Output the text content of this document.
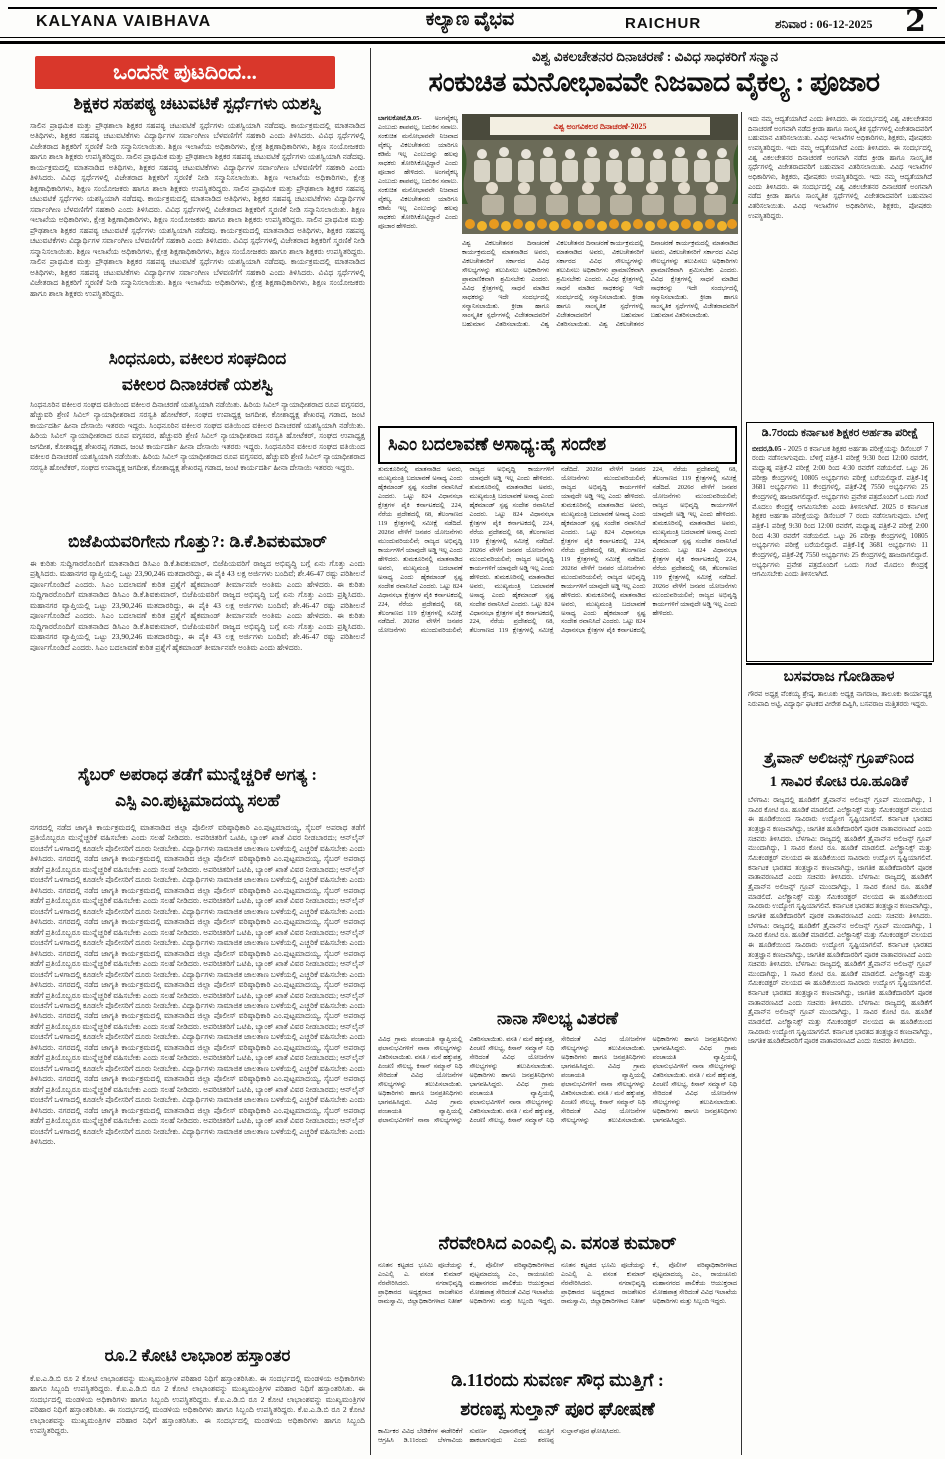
KALYANA VAIBHAVA	ಕಲ್ಯಾಣ ವೈಭವ	RAICHUR	ಶನಿವಾರ : 06-12-2025 2
ಒಂದನೇ ಪುಟದಿಂದ...
ಶಿಕ್ಷಕರ ಸಹಪಠ್ಯ ಚಟುವಟಿಕೆ ಸ್ಪರ್ಧೆಗಳು ಯಶಸ್ವಿ
ಸಾಲಿನ ಪ್ರಾಥಮಿಕ ಮತ್ತು ಪ್ರೌಢಶಾಲಾ ಶಿಕ್ಷಕರ ಸಹಪಠ್ಯ ಚಟುವಟಿಕೆ ಸ್ಪರ್ಧೆಗಳು ಯಶಸ್ವಿಯಾಗಿ ನಡೆದವು. ಕಾರ್ಯಕ್ರಮದಲ್ಲಿ ಮಾತನಾಡಿದ ಅತಿಥಿಗಳು, ಶಿಕ್ಷಕರ ಸಹಪಠ್ಯ ಚಟುವಟಿಕೆಗಳು ವಿದ್ಯಾರ್ಥಿಗಳ ಸರ್ವಾಂಗೀಣ ಬೆಳವಣಿಗೆಗೆ ಸಹಕಾರಿ ಎಂದು ತಿಳಿಸಿದರು. ವಿವಿಧ ಸ್ಪರ್ಧೆಗಳಲ್ಲಿ ವಿಜೇತರಾದ ಶಿಕ್ಷಕರಿಗೆ ಸ್ಮರಣಿಕೆ ನೀಡಿ ಸನ್ಮಾನಿಸಲಾಯಿತು. ಶಿಕ್ಷಣ ಇಲಾಖೆಯ ಅಧಿಕಾರಿಗಳು, ಕ್ಷೇತ್ರ ಶಿಕ್ಷಣಾಧಿಕಾರಿಗಳು, ಶಿಕ್ಷಣ ಸಂಯೋಜಕರು ಹಾಗೂ ಶಾಲಾ ಶಿಕ್ಷಕರು ಉಪಸ್ಥಿತರಿದ್ದರು. ಸಾಲಿನ ಪ್ರಾಥಮಿಕ ಮತ್ತು ಪ್ರೌಢಶಾಲಾ ಶಿಕ್ಷಕರ ಸಹಪಠ್ಯ ಚಟುವಟಿಕೆ ಸ್ಪರ್ಧೆಗಳು ಯಶಸ್ವಿಯಾಗಿ ನಡೆದವು. ಕಾರ್ಯಕ್ರಮದಲ್ಲಿ ಮಾತನಾಡಿದ ಅತಿಥಿಗಳು, ಶಿಕ್ಷಕರ ಸಹಪಠ್ಯ ಚಟುವಟಿಕೆಗಳು ವಿದ್ಯಾರ್ಥಿಗಳ ಸರ್ವಾಂಗೀಣ ಬೆಳವಣಿಗೆಗೆ ಸಹಕಾರಿ ಎಂದು ತಿಳಿಸಿದರು. ವಿವಿಧ ಸ್ಪರ್ಧೆಗಳಲ್ಲಿ ವಿಜೇತರಾದ ಶಿಕ್ಷಕರಿಗೆ ಸ್ಮರಣಿಕೆ ನೀಡಿ ಸನ್ಮಾನಿಸಲಾಯಿತು. ಶಿಕ್ಷಣ ಇಲಾಖೆಯ ಅಧಿಕಾರಿಗಳು, ಕ್ಷೇತ್ರ ಶಿಕ್ಷಣಾಧಿಕಾರಿಗಳು, ಶಿಕ್ಷಣ ಸಂಯೋಜಕರು ಹಾಗೂ ಶಾಲಾ ಶಿಕ್ಷಕರು ಉಪಸ್ಥಿತರಿದ್ದರು. ಸಾಲಿನ ಪ್ರಾಥಮಿಕ ಮತ್ತು ಪ್ರೌಢಶಾಲಾ ಶಿಕ್ಷಕರ ಸಹಪಠ್ಯ ಚಟುವಟಿಕೆ ಸ್ಪರ್ಧೆಗಳು ಯಶಸ್ವಿಯಾಗಿ ನಡೆದವು. ಕಾರ್ಯಕ್ರಮದಲ್ಲಿ ಮಾತನಾಡಿದ ಅತಿಥಿಗಳು, ಶಿಕ್ಷಕರ ಸಹಪಠ್ಯ ಚಟುವಟಿಕೆಗಳು ವಿದ್ಯಾರ್ಥಿಗಳ ಸರ್ವಾಂಗೀಣ ಬೆಳವಣಿಗೆಗೆ ಸಹಕಾರಿ ಎಂದು ತಿಳಿಸಿದರು. ವಿವಿಧ ಸ್ಪರ್ಧೆಗಳಲ್ಲಿ ವಿಜೇತರಾದ ಶಿಕ್ಷಕರಿಗೆ ಸ್ಮರಣಿಕೆ ನೀಡಿ ಸನ್ಮಾನಿಸಲಾಯಿತು. ಶಿಕ್ಷಣ ಇಲಾಖೆಯ ಅಧಿಕಾರಿಗಳು, ಕ್ಷೇತ್ರ ಶಿಕ್ಷಣಾಧಿಕಾರಿಗಳು, ಶಿಕ್ಷಣ ಸಂಯೋಜಕರು ಹಾಗೂ ಶಾಲಾ ಶಿಕ್ಷಕರು ಉಪಸ್ಥಿತರಿದ್ದರು. ಸಾಲಿನ ಪ್ರಾಥಮಿಕ ಮತ್ತು ಪ್ರೌಢಶಾಲಾ ಶಿಕ್ಷಕರ ಸಹಪಠ್ಯ ಚಟುವಟಿಕೆ ಸ್ಪರ್ಧೆಗಳು ಯಶಸ್ವಿಯಾಗಿ ನಡೆದವು. ಕಾರ್ಯಕ್ರಮದಲ್ಲಿ ಮಾತನಾಡಿದ ಅತಿಥಿಗಳು, ಶಿಕ್ಷಕರ ಸಹಪಠ್ಯ ಚಟುವಟಿಕೆಗಳು ವಿದ್ಯಾರ್ಥಿಗಳ ಸರ್ವಾಂಗೀಣ ಬೆಳವಣಿಗೆಗೆ ಸಹಕಾರಿ ಎಂದು ತಿಳಿಸಿದರು. ವಿವಿಧ ಸ್ಪರ್ಧೆಗಳಲ್ಲಿ ವಿಜೇತರಾದ ಶಿಕ್ಷಕರಿಗೆ ಸ್ಮರಣಿಕೆ ನೀಡಿ ಸನ್ಮಾನಿಸಲಾಯಿತು. ಶಿಕ್ಷಣ ಇಲಾಖೆಯ ಅಧಿಕಾರಿಗಳು, ಕ್ಷೇತ್ರ ಶಿಕ್ಷಣಾಧಿಕಾರಿಗಳು, ಶಿಕ್ಷಣ ಸಂಯೋಜಕರು ಹಾಗೂ ಶಾಲಾ ಶಿಕ್ಷಕರು ಉಪಸ್ಥಿತರಿದ್ದರು. ಸಾಲಿನ ಪ್ರಾಥಮಿಕ ಮತ್ತು ಪ್ರೌಢಶಾಲಾ ಶಿಕ್ಷಕರ ಸಹಪಠ್ಯ ಚಟುವಟಿಕೆ ಸ್ಪರ್ಧೆಗಳು ಯಶಸ್ವಿಯಾಗಿ ನಡೆದವು. ಕಾರ್ಯಕ್ರಮದಲ್ಲಿ ಮಾತನಾಡಿದ ಅತಿಥಿಗಳು, ಶಿಕ್ಷಕರ ಸಹಪಠ್ಯ ಚಟುವಟಿಕೆಗಳು ವಿದ್ಯಾರ್ಥಿಗಳ ಸರ್ವಾಂಗೀಣ ಬೆಳವಣಿಗೆಗೆ ಸಹಕಾರಿ ಎಂದು ತಿಳಿಸಿದರು. ವಿವಿಧ ಸ್ಪರ್ಧೆಗಳಲ್ಲಿ ವಿಜೇತರಾದ ಶಿಕ್ಷಕರಿಗೆ ಸ್ಮರಣಿಕೆ ನೀಡಿ ಸನ್ಮಾನಿಸಲಾಯಿತು. ಶಿಕ್ಷಣ ಇಲಾಖೆಯ ಅಧಿಕಾರಿಗಳು, ಕ್ಷೇತ್ರ ಶಿಕ್ಷಣಾಧಿಕಾರಿಗಳು, ಶಿಕ್ಷಣ ಸಂಯೋಜಕರು ಹಾಗೂ ಶಾಲಾ ಶಿಕ್ಷಕರು ಉಪಸ್ಥಿತರಿದ್ದರು.
ಸಿಂಧನೂರು, ವಕೀಲರ ಸಂಘದಿಂದ
ವಕೀಲರ ದಿನಾಚರಣೆ ಯಶಸ್ವಿ
ಸಿಂಧನೂರಿನ ವಕೀಲರ ಸಂಘದ ವತಿಯಿಂದ ವಕೀಲರ ದಿನಾಚರಣೆ ಯಶಸ್ವಿಯಾಗಿ ನಡೆಯಿತು. ಹಿರಿಯ ಸಿವಿಲ್ ನ್ಯಾಯಾಧೀಶರಾದ ರೂಪ ವಗ್ಗಸವರ, ಹೆಚ್ಚುವರಿ ಶ್ರೇಣಿ ಸಿವಿಲ್ ನ್ಯಾಯಾಧೀಶರಾದ ಸರಸ್ವತಿ ಹೋಟೆಕರ್, ಸಂಘದ ಉಪಾಧ್ಯಕ್ಷ ಜಗದೀಶ, ಕೋಶಾಧ್ಯಕ್ಷ ಶೇಖರಪ್ಪ ಗಡಾದ, ಜಂಟಿ ಕಾರ್ಯದರ್ಶಿ ಹೀನಾ ದೇಸಾಯಿ ಇತರರು ಇದ್ದರು. ಸಿಂಧನೂರಿನ ವಕೀಲರ ಸಂಘದ ವತಿಯಿಂದ ವಕೀಲರ ದಿನಾಚರಣೆ ಯಶಸ್ವಿಯಾಗಿ ನಡೆಯಿತು. ಹಿರಿಯ ಸಿವಿಲ್ ನ್ಯಾಯಾಧೀಶರಾದ ರೂಪ ವಗ್ಗಸವರ, ಹೆಚ್ಚುವರಿ ಶ್ರೇಣಿ ಸಿವಿಲ್ ನ್ಯಾಯಾಧೀಶರಾದ ಸರಸ್ವತಿ ಹೋಟೆಕರ್, ಸಂಘದ ಉಪಾಧ್ಯಕ್ಷ ಜಗದೀಶ, ಕೋಶಾಧ್ಯಕ್ಷ ಶೇಖರಪ್ಪ ಗಡಾದ, ಜಂಟಿ ಕಾರ್ಯದರ್ಶಿ ಹೀನಾ ದೇಸಾಯಿ ಇತರರು ಇದ್ದರು. ಸಿಂಧನೂರಿನ ವಕೀಲರ ಸಂಘದ ವತಿಯಿಂದ ವಕೀಲರ ದಿನಾಚರಣೆ ಯಶಸ್ವಿಯಾಗಿ ನಡೆಯಿತು. ಹಿರಿಯ ಸಿವಿಲ್ ನ್ಯಾಯಾಧೀಶರಾದ ರೂಪ ವಗ್ಗಸವರ, ಹೆಚ್ಚುವರಿ ಶ್ರೇಣಿ ಸಿವಿಲ್ ನ್ಯಾಯಾಧೀಶರಾದ ಸರಸ್ವತಿ ಹೋಟೆಕರ್, ಸಂಘದ ಉಪಾಧ್ಯಕ್ಷ ಜಗದೀಶ, ಕೋಶಾಧ್ಯಕ್ಷ ಶೇಖರಪ್ಪ ಗಡಾದ, ಜಂಟಿ ಕಾರ್ಯದರ್ಶಿ ಹೀನಾ ದೇಸಾಯಿ ಇತರರು ಇದ್ದರು.
ಬಿಜೆಪಿಯವರಿಗೇನು ಗೊತ್ತು?: ಡಿ.ಕೆ.ಶಿವಕುಮಾರ್
ಈ ಕುರಿತು ಸುದ್ದಿಗಾರರೊಂದಿಗೆ ಮಾತನಾಡಿದ ಡಿಸಿಎಂ ಡಿ.ಕೆ.ಶಿವಕುಮಾರ್, ಬಿಜೆಪಿಯವರಿಗೆ ರಾಜ್ಯದ ಅಭಿವೃದ್ಧಿ ಬಗ್ಗೆ ಏನು ಗೊತ್ತು ಎಂದು ಪ್ರಶ್ನಿಸಿದರು. ಮಹಾನಗರ ವ್ಯಾಪ್ತಿಯಲ್ಲಿ ಒಟ್ಟು 23,90,246 ಮತದಾರರಿದ್ದು, ಈ ಪೈಕಿ 43 ಲಕ್ಷ ಅರ್ಜಿಗಳು ಬಂದಿವೆ; ಶೇ.46-47 ರಷ್ಟು ಪರಿಶೀಲನೆ ಪೂರ್ಣಗೊಂಡಿದೆ ಎಂದರು. ಸಿಎಂ ಬದಲಾವಣೆ ಕುರಿತ ಪ್ರಶ್ನೆಗೆ ಹೈಕಮಾಂಡ್ ತೀರ್ಮಾನವೇ ಅಂತಿಮ ಎಂದು ಹೇಳಿದರು. ಈ ಕುರಿತು ಸುದ್ದಿಗಾರರೊಂದಿಗೆ ಮಾತನಾಡಿದ ಡಿಸಿಎಂ ಡಿ.ಕೆ.ಶಿವಕುಮಾರ್, ಬಿಜೆಪಿಯವರಿಗೆ ರಾಜ್ಯದ ಅಭಿವೃದ್ಧಿ ಬಗ್ಗೆ ಏನು ಗೊತ್ತು ಎಂದು ಪ್ರಶ್ನಿಸಿದರು. ಮಹಾನಗರ ವ್ಯಾಪ್ತಿಯಲ್ಲಿ ಒಟ್ಟು 23,90,246 ಮತದಾರರಿದ್ದು, ಈ ಪೈಕಿ 43 ಲಕ್ಷ ಅರ್ಜಿಗಳು ಬಂದಿವೆ; ಶೇ.46-47 ರಷ್ಟು ಪರಿಶೀಲನೆ ಪೂರ್ಣಗೊಂಡಿದೆ ಎಂದರು. ಸಿಎಂ ಬದಲಾವಣೆ ಕುರಿತ ಪ್ರಶ್ನೆಗೆ ಹೈಕಮಾಂಡ್ ತೀರ್ಮಾನವೇ ಅಂತಿಮ ಎಂದು ಹೇಳಿದರು. ಈ ಕುರಿತು ಸುದ್ದಿಗಾರರೊಂದಿಗೆ ಮಾತನಾಡಿದ ಡಿಸಿಎಂ ಡಿ.ಕೆ.ಶಿವಕುಮಾರ್, ಬಿಜೆಪಿಯವರಿಗೆ ರಾಜ್ಯದ ಅಭಿವೃದ್ಧಿ ಬಗ್ಗೆ ಏನು ಗೊತ್ತು ಎಂದು ಪ್ರಶ್ನಿಸಿದರು. ಮಹಾನಗರ ವ್ಯಾಪ್ತಿಯಲ್ಲಿ ಒಟ್ಟು 23,90,246 ಮತದಾರರಿದ್ದು, ಈ ಪೈಕಿ 43 ಲಕ್ಷ ಅರ್ಜಿಗಳು ಬಂದಿವೆ; ಶೇ.46-47 ರಷ್ಟು ಪರಿಶೀಲನೆ ಪೂರ್ಣಗೊಂಡಿದೆ ಎಂದರು. ಸಿಎಂ ಬದಲಾವಣೆ ಕುರಿತ ಪ್ರಶ್ನೆಗೆ ಹೈಕಮಾಂಡ್ ತೀರ್ಮಾನವೇ ಅಂತಿಮ ಎಂದು ಹೇಳಿದರು.
ಸೈಬರ್ ಅಪರಾಧ ತಡೆಗೆ ಮುನ್ನೆಚ್ಚರಿಕೆ ಅಗತ್ಯ :
ಎಸ್ಪಿ ಎಂ.ಪುಟ್ಟಮಾದಯ್ಯ ಸಲಹೆ
ನಗರದಲ್ಲಿ ನಡೆದ ಜಾಗೃತಿ ಕಾರ್ಯಕ್ರಮದಲ್ಲಿ ಮಾತನಾಡಿದ ಜಿಲ್ಲಾ ಪೊಲೀಸ್ ವರಿಷ್ಠಾಧಿಕಾರಿ ಎಂ.ಪುಟ್ಟಮಾದಯ್ಯ, ಸೈಬರ್ ಅಪರಾಧ ತಡೆಗೆ ಪ್ರತಿಯೊಬ್ಬರೂ ಮುನ್ನೆಚ್ಚರಿಕೆ ವಹಿಸಬೇಕು ಎಂದು ಸಲಹೆ ನೀಡಿದರು. ಅಪರಿಚಿತರಿಗೆ ಒಟಿಪಿ, ಬ್ಯಾಂಕ್ ಖಾತೆ ವಿವರ ನೀಡಬಾರದು; ಆನ್‌ಲೈನ್ ವಂಚನೆಗೆ ಒಳಗಾದಲ್ಲಿ ಕೂಡಲೇ ಪೊಲೀಸರಿಗೆ ದೂರು ನೀಡಬೇಕು. ವಿದ್ಯಾರ್ಥಿಗಳು ಸಾಮಾಜಿಕ ಜಾಲತಾಣ ಬಳಕೆಯಲ್ಲಿ ಎಚ್ಚರಿಕೆ ವಹಿಸಬೇಕು ಎಂದು ತಿಳಿಸಿದರು. ನಗರದಲ್ಲಿ ನಡೆದ ಜಾಗೃತಿ ಕಾರ್ಯಕ್ರಮದಲ್ಲಿ ಮಾತನಾಡಿದ ಜಿಲ್ಲಾ ಪೊಲೀಸ್ ವರಿಷ್ಠಾಧಿಕಾರಿ ಎಂ.ಪುಟ್ಟಮಾದಯ್ಯ, ಸೈಬರ್ ಅಪರಾಧ ತಡೆಗೆ ಪ್ರತಿಯೊಬ್ಬರೂ ಮುನ್ನೆಚ್ಚರಿಕೆ ವಹಿಸಬೇಕು ಎಂದು ಸಲಹೆ ನೀಡಿದರು. ಅಪರಿಚಿತರಿಗೆ ಒಟಿಪಿ, ಬ್ಯಾಂಕ್ ಖಾತೆ ವಿವರ ನೀಡಬಾರದು; ಆನ್‌ಲೈನ್ ವಂಚನೆಗೆ ಒಳಗಾದಲ್ಲಿ ಕೂಡಲೇ ಪೊಲೀಸರಿಗೆ ದೂರು ನೀಡಬೇಕು. ವಿದ್ಯಾರ್ಥಿಗಳು ಸಾಮಾಜಿಕ ಜಾಲತಾಣ ಬಳಕೆಯಲ್ಲಿ ಎಚ್ಚರಿಕೆ ವಹಿಸಬೇಕು ಎಂದು ತಿಳಿಸಿದರು. ನಗರದಲ್ಲಿ ನಡೆದ ಜಾಗೃತಿ ಕಾರ್ಯಕ್ರಮದಲ್ಲಿ ಮಾತನಾಡಿದ ಜಿಲ್ಲಾ ಪೊಲೀಸ್ ವರಿಷ್ಠಾಧಿಕಾರಿ ಎಂ.ಪುಟ್ಟಮಾದಯ್ಯ, ಸೈಬರ್ ಅಪರಾಧ ತಡೆಗೆ ಪ್ರತಿಯೊಬ್ಬರೂ ಮುನ್ನೆಚ್ಚರಿಕೆ ವಹಿಸಬೇಕು ಎಂದು ಸಲಹೆ ನೀಡಿದರು. ಅಪರಿಚಿತರಿಗೆ ಒಟಿಪಿ, ಬ್ಯಾಂಕ್ ಖಾತೆ ವಿವರ ನೀಡಬಾರದು; ಆನ್‌ಲೈನ್ ವಂಚನೆಗೆ ಒಳಗಾದಲ್ಲಿ ಕೂಡಲೇ ಪೊಲೀಸರಿಗೆ ದೂರು ನೀಡಬೇಕು. ವಿದ್ಯಾರ್ಥಿಗಳು ಸಾಮಾಜಿಕ ಜಾಲತಾಣ ಬಳಕೆಯಲ್ಲಿ ಎಚ್ಚರಿಕೆ ವಹಿಸಬೇಕು ಎಂದು ತಿಳಿಸಿದರು. ನಗರದಲ್ಲಿ ನಡೆದ ಜಾಗೃತಿ ಕಾರ್ಯಕ್ರಮದಲ್ಲಿ ಮಾತನಾಡಿದ ಜಿಲ್ಲಾ ಪೊಲೀಸ್ ವರಿಷ್ಠಾಧಿಕಾರಿ ಎಂ.ಪುಟ್ಟಮಾದಯ್ಯ, ಸೈಬರ್ ಅಪರಾಧ ತಡೆಗೆ ಪ್ರತಿಯೊಬ್ಬರೂ ಮುನ್ನೆಚ್ಚರಿಕೆ ವಹಿಸಬೇಕು ಎಂದು ಸಲಹೆ ನೀಡಿದರು. ಅಪರಿಚಿತರಿಗೆ ಒಟಿಪಿ, ಬ್ಯಾಂಕ್ ಖಾತೆ ವಿವರ ನೀಡಬಾರದು; ಆನ್‌ಲೈನ್ ವಂಚನೆಗೆ ಒಳಗಾದಲ್ಲಿ ಕೂಡಲೇ ಪೊಲೀಸರಿಗೆ ದೂರು ನೀಡಬೇಕು. ವಿದ್ಯಾರ್ಥಿಗಳು ಸಾಮಾಜಿಕ ಜಾಲತಾಣ ಬಳಕೆಯಲ್ಲಿ ಎಚ್ಚರಿಕೆ ವಹಿಸಬೇಕು ಎಂದು ತಿಳಿಸಿದರು. ನಗರದಲ್ಲಿ ನಡೆದ ಜಾಗೃತಿ ಕಾರ್ಯಕ್ರಮದಲ್ಲಿ ಮಾತನಾಡಿದ ಜಿಲ್ಲಾ ಪೊಲೀಸ್ ವರಿಷ್ಠಾಧಿಕಾರಿ ಎಂ.ಪುಟ್ಟಮಾದಯ್ಯ, ಸೈಬರ್ ಅಪರಾಧ ತಡೆಗೆ ಪ್ರತಿಯೊಬ್ಬರೂ ಮುನ್ನೆಚ್ಚರಿಕೆ ವಹಿಸಬೇಕು ಎಂದು ಸಲಹೆ ನೀಡಿದರು. ಅಪರಿಚಿತರಿಗೆ ಒಟಿಪಿ, ಬ್ಯಾಂಕ್ ಖಾತೆ ವಿವರ ನೀಡಬಾರದು; ಆನ್‌ಲೈನ್ ವಂಚನೆಗೆ ಒಳಗಾದಲ್ಲಿ ಕೂಡಲೇ ಪೊಲೀಸರಿಗೆ ದೂರು ನೀಡಬೇಕು. ವಿದ್ಯಾರ್ಥಿಗಳು ಸಾಮಾಜಿಕ ಜಾಲತಾಣ ಬಳಕೆಯಲ್ಲಿ ಎಚ್ಚರಿಕೆ ವಹಿಸಬೇಕು ಎಂದು ತಿಳಿಸಿದರು. ನಗರದಲ್ಲಿ ನಡೆದ ಜಾಗೃತಿ ಕಾರ್ಯಕ್ರಮದಲ್ಲಿ ಮಾತನಾಡಿದ ಜಿಲ್ಲಾ ಪೊಲೀಸ್ ವರಿಷ್ಠಾಧಿಕಾರಿ ಎಂ.ಪುಟ್ಟಮಾದಯ್ಯ, ಸೈಬರ್ ಅಪರಾಧ ತಡೆಗೆ ಪ್ರತಿಯೊಬ್ಬರೂ ಮುನ್ನೆಚ್ಚರಿಕೆ ವಹಿಸಬೇಕು ಎಂದು ಸಲಹೆ ನೀಡಿದರು. ಅಪರಿಚಿತರಿಗೆ ಒಟಿಪಿ, ಬ್ಯಾಂಕ್ ಖಾತೆ ವಿವರ ನೀಡಬಾರದು; ಆನ್‌ಲೈನ್ ವಂಚನೆಗೆ ಒಳಗಾದಲ್ಲಿ ಕೂಡಲೇ ಪೊಲೀಸರಿಗೆ ದೂರು ನೀಡಬೇಕು. ವಿದ್ಯಾರ್ಥಿಗಳು ಸಾಮಾಜಿಕ ಜಾಲತಾಣ ಬಳಕೆಯಲ್ಲಿ ಎಚ್ಚರಿಕೆ ವಹಿಸಬೇಕು ಎಂದು ತಿಳಿಸಿದರು. ನಗರದಲ್ಲಿ ನಡೆದ ಜಾಗೃತಿ ಕಾರ್ಯಕ್ರಮದಲ್ಲಿ ಮಾತನಾಡಿದ ಜಿಲ್ಲಾ ಪೊಲೀಸ್ ವರಿಷ್ಠಾಧಿಕಾರಿ ಎಂ.ಪುಟ್ಟಮಾದಯ್ಯ, ಸೈಬರ್ ಅಪರಾಧ ತಡೆಗೆ ಪ್ರತಿಯೊಬ್ಬರೂ ಮುನ್ನೆಚ್ಚರಿಕೆ ವಹಿಸಬೇಕು ಎಂದು ಸಲಹೆ ನೀಡಿದರು. ಅಪರಿಚಿತರಿಗೆ ಒಟಿಪಿ, ಬ್ಯಾಂಕ್ ಖಾತೆ ವಿವರ ನೀಡಬಾರದು; ಆನ್‌ಲೈನ್ ವಂಚನೆಗೆ ಒಳಗಾದಲ್ಲಿ ಕೂಡಲೇ ಪೊಲೀಸರಿಗೆ ದೂರು ನೀಡಬೇಕು. ವಿದ್ಯಾರ್ಥಿಗಳು ಸಾಮಾಜಿಕ ಜಾಲತಾಣ ಬಳಕೆಯಲ್ಲಿ ಎಚ್ಚರಿಕೆ ವಹಿಸಬೇಕು ಎಂದು ತಿಳಿಸಿದರು. ನಗರದಲ್ಲಿ ನಡೆದ ಜಾಗೃತಿ ಕಾರ್ಯಕ್ರಮದಲ್ಲಿ ಮಾತನಾಡಿದ ಜಿಲ್ಲಾ ಪೊಲೀಸ್ ವರಿಷ್ಠಾಧಿಕಾರಿ ಎಂ.ಪುಟ್ಟಮಾದಯ್ಯ, ಸೈಬರ್ ಅಪರಾಧ ತಡೆಗೆ ಪ್ರತಿಯೊಬ್ಬರೂ ಮುನ್ನೆಚ್ಚರಿಕೆ ವಹಿಸಬೇಕು ಎಂದು ಸಲಹೆ ನೀಡಿದರು. ಅಪರಿಚಿತರಿಗೆ ಒಟಿಪಿ, ಬ್ಯಾಂಕ್ ಖಾತೆ ವಿವರ ನೀಡಬಾರದು; ಆನ್‌ಲೈನ್ ವಂಚನೆಗೆ ಒಳಗಾದಲ್ಲಿ ಕೂಡಲೇ ಪೊಲೀಸರಿಗೆ ದೂರು ನೀಡಬೇಕು. ವಿದ್ಯಾರ್ಥಿಗಳು ಸಾಮಾಜಿಕ ಜಾಲತಾಣ ಬಳಕೆಯಲ್ಲಿ ಎಚ್ಚರಿಕೆ ವಹಿಸಬೇಕು ಎಂದು ತಿಳಿಸಿದರು. ನಗರದಲ್ಲಿ ನಡೆದ ಜಾಗೃತಿ ಕಾರ್ಯಕ್ರಮದಲ್ಲಿ ಮಾತನಾಡಿದ ಜಿಲ್ಲಾ ಪೊಲೀಸ್ ವರಿಷ್ಠಾಧಿಕಾರಿ ಎಂ.ಪುಟ್ಟಮಾದಯ್ಯ, ಸೈಬರ್ ಅಪರಾಧ ತಡೆಗೆ ಪ್ರತಿಯೊಬ್ಬರೂ ಮುನ್ನೆಚ್ಚರಿಕೆ ವಹಿಸಬೇಕು ಎಂದು ಸಲಹೆ ನೀಡಿದರು. ಅಪರಿಚಿತರಿಗೆ ಒಟಿಪಿ, ಬ್ಯಾಂಕ್ ಖಾತೆ ವಿವರ ನೀಡಬಾರದು; ಆನ್‌ಲೈನ್ ವಂಚನೆಗೆ ಒಳಗಾದಲ್ಲಿ ಕೂಡಲೇ ಪೊಲೀಸರಿಗೆ ದೂರು ನೀಡಬೇಕು. ವಿದ್ಯಾರ್ಥಿಗಳು ಸಾಮಾಜಿಕ ಜಾಲತಾಣ ಬಳಕೆಯಲ್ಲಿ ಎಚ್ಚರಿಕೆ ವಹಿಸಬೇಕು ಎಂದು ತಿಳಿಸಿದರು. ನಗರದಲ್ಲಿ ನಡೆದ ಜಾಗೃತಿ ಕಾರ್ಯಕ್ರಮದಲ್ಲಿ ಮಾತನಾಡಿದ ಜಿಲ್ಲಾ ಪೊಲೀಸ್ ವರಿಷ್ಠಾಧಿಕಾರಿ ಎಂ.ಪುಟ್ಟಮಾದಯ್ಯ, ಸೈಬರ್ ಅಪರಾಧ ತಡೆಗೆ ಪ್ರತಿಯೊಬ್ಬರೂ ಮುನ್ನೆಚ್ಚರಿಕೆ ವಹಿಸಬೇಕು ಎಂದು ಸಲಹೆ ನೀಡಿದರು. ಅಪರಿಚಿತರಿಗೆ ಒಟಿಪಿ, ಬ್ಯಾಂಕ್ ಖಾತೆ ವಿವರ ನೀಡಬಾರದು; ಆನ್‌ಲೈನ್ ವಂಚನೆಗೆ ಒಳಗಾದಲ್ಲಿ ಕೂಡಲೇ ಪೊಲೀಸರಿಗೆ ದೂರು ನೀಡಬೇಕು. ವಿದ್ಯಾರ್ಥಿಗಳು ಸಾಮಾಜಿಕ ಜಾಲತಾಣ ಬಳಕೆಯಲ್ಲಿ ಎಚ್ಚರಿಕೆ ವಹಿಸಬೇಕು ಎಂದು ತಿಳಿಸಿದರು.
ರೂ.2 ಕೋಟಿ ಲಾಭಾಂಶ ಹಸ್ತಾಂತರ
ಕೆ.ಐ.ಎ.ಡಿ.ಬಿ ರೂ 2 ಕೋಟಿ ಲಾಭಾಂಶವನ್ನು ಮುಖ್ಯಮಂತ್ರಿಗಳ ಪರಿಹಾರ ನಿಧಿಗೆ ಹಸ್ತಾಂತರಿಸಿತು. ಈ ಸಂದರ್ಭದಲ್ಲಿ ಮಂಡಳಿಯ ಅಧಿಕಾರಿಗಳು ಹಾಗೂ ಸಿಬ್ಬಂದಿ ಉಪಸ್ಥಿತರಿದ್ದರು. ಕೆ.ಐ.ಎ.ಡಿ.ಬಿ ರೂ 2 ಕೋಟಿ ಲಾಭಾಂಶವನ್ನು ಮುಖ್ಯಮಂತ್ರಿಗಳ ಪರಿಹಾರ ನಿಧಿಗೆ ಹಸ್ತಾಂತರಿಸಿತು. ಈ ಸಂದರ್ಭದಲ್ಲಿ ಮಂಡಳಿಯ ಅಧಿಕಾರಿಗಳು ಹಾಗೂ ಸಿಬ್ಬಂದಿ ಉಪಸ್ಥಿತರಿದ್ದರು. ಕೆ.ಐ.ಎ.ಡಿ.ಬಿ ರೂ 2 ಕೋಟಿ ಲಾಭಾಂಶವನ್ನು ಮುಖ್ಯಮಂತ್ರಿಗಳ ಪರಿಹಾರ ನಿಧಿಗೆ ಹಸ್ತಾಂತರಿಸಿತು. ಈ ಸಂದರ್ಭದಲ್ಲಿ ಮಂಡಳಿಯ ಅಧಿಕಾರಿಗಳು ಹಾಗೂ ಸಿಬ್ಬಂದಿ ಉಪಸ್ಥಿತರಿದ್ದರು. ಕೆ.ಐ.ಎ.ಡಿ.ಬಿ ರೂ 2 ಕೋಟಿ ಲಾಭಾಂಶವನ್ನು ಮುಖ್ಯಮಂತ್ರಿಗಳ ಪರಿಹಾರ ನಿಧಿಗೆ ಹಸ್ತಾಂತರಿಸಿತು. ಈ ಸಂದರ್ಭದಲ್ಲಿ ಮಂಡಳಿಯ ಅಧಿಕಾರಿಗಳು ಹಾಗೂ ಸಿಬ್ಬಂದಿ ಉಪಸ್ಥಿತರಿದ್ದರು.
ವಿಶ್ವ ವಿಕಲಚೇತನರ ದಿನಾಚರಣೆ : ವಿವಿಧ ಸಾಧಕರಿಗೆ ಸನ್ಮಾನ
ಸಂಕುಚಿತ ಮನೋಭಾವವೇ ನಿಜವಾದ ವೈಕಲ್ಯ : ಪೂಜಾರ
ಬಾಗಲಕೋಟೆ,ಡಿ.05- ಅಂಗವೈಕಲ್ಯ ಎಂಬುದು ಶಾಪವಲ್ಲ, ಬದುಕಿನ ಸವಾಲು. ಸಂಕುಚಿತ ಮನೋಭಾವವೇ ನಿಜವಾದ ವೈಕಲ್ಯ. ವಿಕಲಚೇತನರು ಯಾರಿಗೂ ಕಡಿಮೆ ಇಲ್ಲ ಎಂಬುದನ್ನು ಹಲವು ಸಾಧಕರು ತೋರಿಸಿಕೊಟ್ಟಿದ್ದಾರೆ ಎಂದು ಪೂಜಾರ ಹೇಳಿದರು. ಅಂಗವೈಕಲ್ಯ ಎಂಬುದು ಶಾಪವಲ್ಲ, ಬದುಕಿನ ಸವಾಲು. ಸಂಕುಚಿತ ಮನೋಭಾವವೇ ನಿಜವಾದ ವೈಕಲ್ಯ. ವಿಕಲಚೇತನರು ಯಾರಿಗೂ ಕಡಿಮೆ ಇಲ್ಲ ಎಂಬುದನ್ನು ಹಲವು ಸಾಧಕರು ತೋರಿಸಿಕೊಟ್ಟಿದ್ದಾರೆ ಎಂದು ಪೂಜಾರ ಹೇಳಿದರು.
ವಿಶ್ವ ಅಂಗವಿಕಲರ ದಿನಾಚರಣೆ-2025
ವಿಶ್ವ ವಿಕಲಚೇತನರ ದಿನಾಚರಣೆ ಕಾರ್ಯಕ್ರಮದಲ್ಲಿ ಮಾತನಾಡಿದ ಅವರು, ವಿಕಲಚೇತನರಿಗೆ ಸರ್ಕಾರದ ವಿವಿಧ ಸೌಲಭ್ಯಗಳನ್ನು ತಲುಪಿಸಲು ಅಧಿಕಾರಿಗಳು ಪ್ರಾಮಾಣಿಕವಾಗಿ ಶ್ರಮಿಸಬೇಕು ಎಂದರು. ವಿವಿಧ ಕ್ಷೇತ್ರಗಳಲ್ಲಿ ಸಾಧನೆ ಮಾಡಿದ ಸಾಧಕರನ್ನು ಇದೇ ಸಂದರ್ಭದಲ್ಲಿ ಸನ್ಮಾನಿಸಲಾಯಿತು. ಕ್ರೀಡಾ ಹಾಗೂ ಸಾಂಸ್ಕೃತಿಕ ಸ್ಪರ್ಧೆಗಳಲ್ಲಿ ವಿಜೇತರಾದವರಿಗೆ ಬಹುಮಾನ ವಿತರಿಸಲಾಯಿತು. ವಿಶ್ವ ವಿಕಲಚೇತನರ ದಿನಾಚರಣೆ ಕಾರ್ಯಕ್ರಮದಲ್ಲಿ ಮಾತನಾಡಿದ ಅವರು, ವಿಕಲಚೇತನರಿಗೆ ಸರ್ಕಾರದ ವಿವಿಧ ಸೌಲಭ್ಯಗಳನ್ನು ತಲುಪಿಸಲು ಅಧಿಕಾರಿಗಳು ಪ್ರಾಮಾಣಿಕವಾಗಿ ಶ್ರಮಿಸಬೇಕು ಎಂದರು. ವಿವಿಧ ಕ್ಷೇತ್ರಗಳಲ್ಲಿ ಸಾಧನೆ ಮಾಡಿದ ಸಾಧಕರನ್ನು ಇದೇ ಸಂದರ್ಭದಲ್ಲಿ ಸನ್ಮಾನಿಸಲಾಯಿತು. ಕ್ರೀಡಾ ಹಾಗೂ ಸಾಂಸ್ಕೃತಿಕ ಸ್ಪರ್ಧೆಗಳಲ್ಲಿ ವಿಜೇತರಾದವರಿಗೆ ಬಹುಮಾನ ವಿತರಿಸಲಾಯಿತು. ವಿಶ್ವ ವಿಕಲಚೇತನರ ದಿನಾಚರಣೆ ಕಾರ್ಯಕ್ರಮದಲ್ಲಿ ಮಾತನಾಡಿದ ಅವರು, ವಿಕಲಚೇತನರಿಗೆ ಸರ್ಕಾರದ ವಿವಿಧ ಸೌಲಭ್ಯಗಳನ್ನು ತಲುಪಿಸಲು ಅಧಿಕಾರಿಗಳು ಪ್ರಾಮಾಣಿಕವಾಗಿ ಶ್ರಮಿಸಬೇಕು ಎಂದರು. ವಿವಿಧ ಕ್ಷೇತ್ರಗಳಲ್ಲಿ ಸಾಧನೆ ಮಾಡಿದ ಸಾಧಕರನ್ನು ಇದೇ ಸಂದರ್ಭದಲ್ಲಿ ಸನ್ಮಾನಿಸಲಾಯಿತು. ಕ್ರೀಡಾ ಹಾಗೂ ಸಾಂಸ್ಕೃತಿಕ ಸ್ಪರ್ಧೆಗಳಲ್ಲಿ ವಿಜೇತರಾದವರಿಗೆ ಬಹುಮಾನ ವಿತರಿಸಲಾಯಿತು.
ಸಿಎಂ ಬದಲಾವಣೆ ಅಸಾಧ್ಯ:ಹೈ ಸಂದೇಶ
ತುಮಕೂರಿನಲ್ಲಿ ಮಾತನಾಡಿದ ಅವರು, ಮುಖ್ಯಮಂತ್ರಿ ಬದಲಾವಣೆ ಅಸಾಧ್ಯ ಎಂದು ಹೈಕಮಾಂಡ್ ಸ್ಪಷ್ಟ ಸಂದೇಶ ರವಾನಿಸಿದೆ ಎಂದರು. ಒಟ್ಟು 824 ವಿಧಾನಸಭಾ ಕ್ಷೇತ್ರಗಳ ಪೈಕಿ ಕರ್ನಾಟಕದಲ್ಲಿ 224, ನೆರೆಯ ಪ್ರದೇಶದಲ್ಲಿ 68, ತೆಲಂಗಾಣದ 119 ಕ್ಷೇತ್ರಗಳಲ್ಲಿ ಸಮೀಕ್ಷೆ ನಡೆದಿದೆ. 2026ರ ವೇಳೆಗೆ ಜನಪರ ಯೋಜನೆಗಳು ಮುಂದುವರಿಯಲಿವೆ; ರಾಜ್ಯದ ಅಭಿವೃದ್ಧಿ ಕಾರ್ಯಗಳಿಗೆ ಯಾವುದೇ ಅಡ್ಡಿ ಇಲ್ಲ ಎಂದು ಹೇಳಿದರು. ತುಮಕೂರಿನಲ್ಲಿ ಮಾತನಾಡಿದ ಅವರು, ಮುಖ್ಯಮಂತ್ರಿ ಬದಲಾವಣೆ ಅಸಾಧ್ಯ ಎಂದು ಹೈಕಮಾಂಡ್ ಸ್ಪಷ್ಟ ಸಂದೇಶ ರವಾನಿಸಿದೆ ಎಂದರು. ಒಟ್ಟು 824 ವಿಧಾನಸಭಾ ಕ್ಷೇತ್ರಗಳ ಪೈಕಿ ಕರ್ನಾಟಕದಲ್ಲಿ 224, ನೆರೆಯ ಪ್ರದೇಶದಲ್ಲಿ 68, ತೆಲಂಗಾಣದ 119 ಕ್ಷೇತ್ರಗಳಲ್ಲಿ ಸಮೀಕ್ಷೆ ನಡೆದಿದೆ. 2026ರ ವೇಳೆಗೆ ಜನಪರ ಯೋಜನೆಗಳು ಮುಂದುವರಿಯಲಿವೆ; ರಾಜ್ಯದ ಅಭಿವೃದ್ಧಿ ಕಾರ್ಯಗಳಿಗೆ ಯಾವುದೇ ಅಡ್ಡಿ ಇಲ್ಲ ಎಂದು ಹೇಳಿದರು. ತುಮಕೂರಿನಲ್ಲಿ ಮಾತನಾಡಿದ ಅವರು, ಮುಖ್ಯಮಂತ್ರಿ ಬದಲಾವಣೆ ಅಸಾಧ್ಯ ಎಂದು ಹೈಕಮಾಂಡ್ ಸ್ಪಷ್ಟ ಸಂದೇಶ ರವಾನಿಸಿದೆ ಎಂದರು. ಒಟ್ಟು 824 ವಿಧಾನಸಭಾ ಕ್ಷೇತ್ರಗಳ ಪೈಕಿ ಕರ್ನಾಟಕದಲ್ಲಿ 224, ನೆರೆಯ ಪ್ರದೇಶದಲ್ಲಿ 68, ತೆಲಂಗಾಣದ 119 ಕ್ಷೇತ್ರಗಳಲ್ಲಿ ಸಮೀಕ್ಷೆ ನಡೆದಿದೆ. 2026ರ ವೇಳೆಗೆ ಜನಪರ ಯೋಜನೆಗಳು ಮುಂದುವರಿಯಲಿವೆ; ರಾಜ್ಯದ ಅಭಿವೃದ್ಧಿ ಕಾರ್ಯಗಳಿಗೆ ಯಾವುದೇ ಅಡ್ಡಿ ಇಲ್ಲ ಎಂದು ಹೇಳಿದರು. ತುಮಕೂರಿನಲ್ಲಿ ಮಾತನಾಡಿದ ಅವರು, ಮುಖ್ಯಮಂತ್ರಿ ಬದಲಾವಣೆ ಅಸಾಧ್ಯ ಎಂದು ಹೈಕಮಾಂಡ್ ಸ್ಪಷ್ಟ ಸಂದೇಶ ರವಾನಿಸಿದೆ ಎಂದರು. ಒಟ್ಟು 824 ವಿಧಾನಸಭಾ ಕ್ಷೇತ್ರಗಳ ಪೈಕಿ ಕರ್ನಾಟಕದಲ್ಲಿ 224, ನೆರೆಯ ಪ್ರದೇಶದಲ್ಲಿ 68, ತೆಲಂಗಾಣದ 119 ಕ್ಷೇತ್ರಗಳಲ್ಲಿ ಸಮೀಕ್ಷೆ ನಡೆದಿದೆ. 2026ರ ವೇಳೆಗೆ ಜನಪರ ಯೋಜನೆಗಳು ಮುಂದುವರಿಯಲಿವೆ; ರಾಜ್ಯದ ಅಭಿವೃದ್ಧಿ ಕಾರ್ಯಗಳಿಗೆ ಯಾವುದೇ ಅಡ್ಡಿ ಇಲ್ಲ ಎಂದು ಹೇಳಿದರು. ತುಮಕೂರಿನಲ್ಲಿ ಮಾತನಾಡಿದ ಅವರು, ಮುಖ್ಯಮಂತ್ರಿ ಬದಲಾವಣೆ ಅಸಾಧ್ಯ ಎಂದು ಹೈಕಮಾಂಡ್ ಸ್ಪಷ್ಟ ಸಂದೇಶ ರವಾನಿಸಿದೆ ಎಂದರು. ಒಟ್ಟು 824 ವಿಧಾನಸಭಾ ಕ್ಷೇತ್ರಗಳ ಪೈಕಿ ಕರ್ನಾಟಕದಲ್ಲಿ 224, ನೆರೆಯ ಪ್ರದೇಶದಲ್ಲಿ 68, ತೆಲಂಗಾಣದ 119 ಕ್ಷೇತ್ರಗಳಲ್ಲಿ ಸಮೀಕ್ಷೆ ನಡೆದಿದೆ. 2026ರ ವೇಳೆಗೆ ಜನಪರ ಯೋಜನೆಗಳು ಮುಂದುವರಿಯಲಿವೆ; ರಾಜ್ಯದ ಅಭಿವೃದ್ಧಿ ಕಾರ್ಯಗಳಿಗೆ ಯಾವುದೇ ಅಡ್ಡಿ ಇಲ್ಲ ಎಂದು ಹೇಳಿದರು. ತುಮಕೂರಿನಲ್ಲಿ ಮಾತನಾಡಿದ ಅವರು, ಮುಖ್ಯಮಂತ್ರಿ ಬದಲಾವಣೆ ಅಸಾಧ್ಯ ಎಂದು ಹೈಕಮಾಂಡ್ ಸ್ಪಷ್ಟ ಸಂದೇಶ ರವಾನಿಸಿದೆ ಎಂದರು. ಒಟ್ಟು 824 ವಿಧಾನಸಭಾ ಕ್ಷೇತ್ರಗಳ ಪೈಕಿ ಕರ್ನಾಟಕದಲ್ಲಿ 224, ನೆರೆಯ ಪ್ರದೇಶದಲ್ಲಿ 68, ತೆಲಂಗಾಣದ 119 ಕ್ಷೇತ್ರಗಳಲ್ಲಿ ಸಮೀಕ್ಷೆ ನಡೆದಿದೆ. 2026ರ ವೇಳೆಗೆ ಜನಪರ ಯೋಜನೆಗಳು ಮುಂದುವರಿಯಲಿವೆ; ರಾಜ್ಯದ ಅಭಿವೃದ್ಧಿ ಕಾರ್ಯಗಳಿಗೆ ಯಾವುದೇ ಅಡ್ಡಿ ಇಲ್ಲ ಎಂದು ಹೇಳಿದರು. ತುಮಕೂರಿನಲ್ಲಿ ಮಾತನಾಡಿದ ಅವರು, ಮುಖ್ಯಮಂತ್ರಿ ಬದಲಾವಣೆ ಅಸಾಧ್ಯ ಎಂದು ಹೈಕಮಾಂಡ್ ಸ್ಪಷ್ಟ ಸಂದೇಶ ರವಾನಿಸಿದೆ ಎಂದರು. ಒಟ್ಟು 824 ವಿಧಾನಸಭಾ ಕ್ಷೇತ್ರಗಳ ಪೈಕಿ ಕರ್ನಾಟಕದಲ್ಲಿ 224, ನೆರೆಯ ಪ್ರದೇಶದಲ್ಲಿ 68, ತೆಲಂಗಾಣದ 119 ಕ್ಷೇತ್ರಗಳಲ್ಲಿ ಸಮೀಕ್ಷೆ ನಡೆದಿದೆ. 2026ರ ವೇಳೆಗೆ ಜನಪರ ಯೋಜನೆಗಳು ಮುಂದುವರಿಯಲಿವೆ; ರಾಜ್ಯದ ಅಭಿವೃದ್ಧಿ ಕಾರ್ಯಗಳಿಗೆ ಯಾವುದೇ ಅಡ್ಡಿ ಇಲ್ಲ ಎಂದು ಹೇಳಿದರು.
ನಾನಾ ಸೌಲಭ್ಯ ವಿತರಣೆ
ವಿವಿಧ ಗ್ರಾಮ ಪಂಚಾಯತಿ ವ್ಯಾಪ್ತಿಯಲ್ಲಿ ಫಲಾನುಭವಿಗಳಿಗೆ ನಾನಾ ಸೌಲಭ್ಯಗಳನ್ನು ವಿತರಿಸಲಾಯಿತು. ವಸತಿ / ಮನೆ ಹಕ್ಕುಪತ್ರ, ಪಿಂಚಣಿ ಸೌಲಭ್ಯ, ಕಿಸಾನ್ ಸಮ್ಮಾನ್ ನಿಧಿ ಸೇರಿದಂತೆ ವಿವಿಧ ಯೋಜನೆಗಳ ಸೌಲಭ್ಯಗಳನ್ನು ತಲುಪಿಸಲಾಯಿತು. ಅಧಿಕಾರಿಗಳು ಹಾಗೂ ಜನಪ್ರತಿನಿಧಿಗಳು ಭಾಗವಹಿಸಿದ್ದರು. ವಿವಿಧ ಗ್ರಾಮ ಪಂಚಾಯತಿ ವ್ಯಾಪ್ತಿಯಲ್ಲಿ ಫಲಾನುಭವಿಗಳಿಗೆ ನಾನಾ ಸೌಲಭ್ಯಗಳನ್ನು ವಿತರಿಸಲಾಯಿತು. ವಸತಿ / ಮನೆ ಹಕ್ಕುಪತ್ರ, ಪಿಂಚಣಿ ಸೌಲಭ್ಯ, ಕಿಸಾನ್ ಸಮ್ಮಾನ್ ನಿಧಿ ಸೇರಿದಂತೆ ವಿವಿಧ ಯೋಜನೆಗಳ ಸೌಲಭ್ಯಗಳನ್ನು ತಲುಪಿಸಲಾಯಿತು. ಅಧಿಕಾರಿಗಳು ಹಾಗೂ ಜನಪ್ರತಿನಿಧಿಗಳು ಭಾಗವಹಿಸಿದ್ದರು. ವಿವಿಧ ಗ್ರಾಮ ಪಂಚಾಯತಿ ವ್ಯಾಪ್ತಿಯಲ್ಲಿ ಫಲಾನುಭವಿಗಳಿಗೆ ನಾನಾ ಸೌಲಭ್ಯಗಳನ್ನು ವಿತರಿಸಲಾಯಿತು. ವಸತಿ / ಮನೆ ಹಕ್ಕುಪತ್ರ, ಪಿಂಚಣಿ ಸೌಲಭ್ಯ, ಕಿಸಾನ್ ಸಮ್ಮಾನ್ ನಿಧಿ ಸೇರಿದಂತೆ ವಿವಿಧ ಯೋಜನೆಗಳ ಸೌಲಭ್ಯಗಳನ್ನು ತಲುಪಿಸಲಾಯಿತು. ಅಧಿಕಾರಿಗಳು ಹಾಗೂ ಜನಪ್ರತಿನಿಧಿಗಳು ಭಾಗವಹಿಸಿದ್ದರು. ವಿವಿಧ ಗ್ರಾಮ ಪಂಚಾಯತಿ ವ್ಯಾಪ್ತಿಯಲ್ಲಿ ಫಲಾನುಭವಿಗಳಿಗೆ ನಾನಾ ಸೌಲಭ್ಯಗಳನ್ನು ವಿತರಿಸಲಾಯಿತು. ವಸತಿ / ಮನೆ ಹಕ್ಕುಪತ್ರ, ಪಿಂಚಣಿ ಸೌಲಭ್ಯ, ಕಿಸಾನ್ ಸಮ್ಮಾನ್ ನಿಧಿ ಸೇರಿದಂತೆ ವಿವಿಧ ಯೋಜನೆಗಳ ಸೌಲಭ್ಯಗಳನ್ನು ತಲುಪಿಸಲಾಯಿತು. ಅಧಿಕಾರಿಗಳು ಹಾಗೂ ಜನಪ್ರತಿನಿಧಿಗಳು ಭಾಗವಹಿಸಿದ್ದರು. ವಿವಿಧ ಗ್ರಾಮ ಪಂಚಾಯತಿ ವ್ಯಾಪ್ತಿಯಲ್ಲಿ ಫಲಾನುಭವಿಗಳಿಗೆ ನಾನಾ ಸೌಲಭ್ಯಗಳನ್ನು ವಿತರಿಸಲಾಯಿತು. ವಸತಿ / ಮನೆ ಹಕ್ಕುಪತ್ರ, ಪಿಂಚಣಿ ಸೌಲಭ್ಯ, ಕಿಸಾನ್ ಸಮ್ಮಾನ್ ನಿಧಿ ಸೇರಿದಂತೆ ವಿವಿಧ ಯೋಜನೆಗಳ ಸೌಲಭ್ಯಗಳನ್ನು ತಲುಪಿಸಲಾಯಿತು. ಅಧಿಕಾರಿಗಳು ಹಾಗೂ ಜನಪ್ರತಿನಿಧಿಗಳು ಭಾಗವಹಿಸಿದ್ದರು.
ನೆರವೇರಿಸಿದ ಎಂಎಲ್ಸಿ ಎ. ವಸಂತ ಕುಮಾರ್
ನೂತನ ಕಟ್ಟಡದ ಭೂಮಿ ಪೂಜೆಯನ್ನು ಎಂಎಲ್ಸಿ ಎ. ವಸಂತ ಕುಮಾರ್ ನೆರವೇರಿಸಿದರು. ನಗರಾಭಿವೃದ್ಧಿ ಪ್ರಾಧಿಕಾರದ ಅಧ್ಯಕ್ಷರಾದ ರಾಜಶೇಖರ ರಾಮಸ್ವಾಮಿ, ಜಿಲ್ಲಾಧಿಕಾರಿಗಳಾದ ನಿತೀಶ್ ಕೆ., ಪೊಲೀಸ್ ವರಿಷ್ಠಾಧಿಕಾರಿಗಳಾದ ಪುಟ್ಟಮಾದಯ್ಯ ಎಂ., ರಾಯಚೂರು ಮಹಾನಗರದ ಪಾಲಿಕೆಯ ಆಯುಕ್ತರಾದ ಮೋಹಪಾತ್ರ ಸೇರಿದಂತೆ ವಿವಿಧ ಇಲಾಖೆಯ ಅಧಿಕಾರಿಗಳು ಮತ್ತು ಸಿಬ್ಬಂದಿ ಇದ್ದರು. ನೂತನ ಕಟ್ಟಡದ ಭೂಮಿ ಪೂಜೆಯನ್ನು ಎಂಎಲ್ಸಿ ಎ. ವಸಂತ ಕುಮಾರ್ ನೆರವೇರಿಸಿದರು. ನಗರಾಭಿವೃದ್ಧಿ ಪ್ರಾಧಿಕಾರದ ಅಧ್ಯಕ್ಷರಾದ ರಾಜಶೇಖರ ರಾಮಸ್ವಾಮಿ, ಜಿಲ್ಲಾಧಿಕಾರಿಗಳಾದ ನಿತೀಶ್ ಕೆ., ಪೊಲೀಸ್ ವರಿಷ್ಠಾಧಿಕಾರಿಗಳಾದ ಪುಟ್ಟಮಾದಯ್ಯ ಎಂ., ರಾಯಚೂರು ಮಹಾನಗರದ ಪಾಲಿಕೆಯ ಆಯುಕ್ತರಾದ ಮೋಹಪಾತ್ರ ಸೇರಿದಂತೆ ವಿವಿಧ ಇಲಾಖೆಯ ಅಧಿಕಾರಿಗಳು ಮತ್ತು ಸಿಬ್ಬಂದಿ ಇದ್ದರು.
ಡಿ.11ರಂದು ಸುವರ್ಣ ಸೌಧ ಮುತ್ತಿಗೆ :
ಶರಣಪ್ಪ ಸುಲ್ತಾನ್ ಪೂರ ಘೋಷಣೆ
ಕಾರ್ಮಿಕರ ವಿವಿಧ ಬೇಡಿಕೆಗಳ ಈಡೇರಿಕೆಗೆ ಆಗ್ರಹಿಸಿ ಡಿ.11ರಂದು ಬೆಳಗಾವಿಯ ಸುವರ್ಣ ವಿಧಾನಸೌಧಕ್ಕೆ ಮುತ್ತಿಗೆ ಹಾಕಲಾಗುವುದು ಎಂದು ಶರಣಪ್ಪ ಸುಲ್ತಾನ್‌ಪೂರ ಘೋಷಿಸಿದರು.
ಇದು ನಮ್ಮ ಆದ್ಯತೆಯಾಗಿದೆ ಎಂದು ತಿಳಿಸಿದರು. ಈ ಸಂದರ್ಭದಲ್ಲಿ ವಿಶ್ವ ವಿಕಲಚೇತನರ ದಿನಾಚರಣೆ ಅಂಗವಾಗಿ ನಡೆದ ಕ್ರೀಡಾ ಹಾಗೂ ಸಾಂಸ್ಕೃತಿಕ ಸ್ಪರ್ಧೆಗಳಲ್ಲಿ ವಿಜೇತರಾದವರಿಗೆ ಬಹುಮಾನ ವಿತರಿಸಲಾಯಿತು. ವಿವಿಧ ಇಲಾಖೆಗಳ ಅಧಿಕಾರಿಗಳು, ಶಿಕ್ಷಕರು, ಪೋಷಕರು ಉಪಸ್ಥಿತರಿದ್ದರು. ಇದು ನಮ್ಮ ಆದ್ಯತೆಯಾಗಿದೆ ಎಂದು ತಿಳಿಸಿದರು. ಈ ಸಂದರ್ಭದಲ್ಲಿ ವಿಶ್ವ ವಿಕಲಚೇತನರ ದಿನಾಚರಣೆ ಅಂಗವಾಗಿ ನಡೆದ ಕ್ರೀಡಾ ಹಾಗೂ ಸಾಂಸ್ಕೃತಿಕ ಸ್ಪರ್ಧೆಗಳಲ್ಲಿ ವಿಜೇತರಾದವರಿಗೆ ಬಹುಮಾನ ವಿತರಿಸಲಾಯಿತು. ವಿವಿಧ ಇಲಾಖೆಗಳ ಅಧಿಕಾರಿಗಳು, ಶಿಕ್ಷಕರು, ಪೋಷಕರು ಉಪಸ್ಥಿತರಿದ್ದರು. ಇದು ನಮ್ಮ ಆದ್ಯತೆಯಾಗಿದೆ ಎಂದು ತಿಳಿಸಿದರು. ಈ ಸಂದರ್ಭದಲ್ಲಿ ವಿಶ್ವ ವಿಕಲಚೇತನರ ದಿನಾಚರಣೆ ಅಂಗವಾಗಿ ನಡೆದ ಕ್ರೀಡಾ ಹಾಗೂ ಸಾಂಸ್ಕೃತಿಕ ಸ್ಪರ್ಧೆಗಳಲ್ಲಿ ವಿಜೇತರಾದವರಿಗೆ ಬಹುಮಾನ ವಿತರಿಸಲಾಯಿತು. ವಿವಿಧ ಇಲಾಖೆಗಳ ಅಧಿಕಾರಿಗಳು, ಶಿಕ್ಷಕರು, ಪೋಷಕರು ಉಪಸ್ಥಿತರಿದ್ದರು.
ಡಿ.7ರಂದು ಕರ್ನಾಟಕ ಶಿಕ್ಷಕರ ಅರ್ಹತಾ ಪರೀಕ್ಷೆ
ಬೀದರ,ಡಿ.05 - 2025 ರ ಕರ್ನಾಟಕ ಶಿಕ್ಷಕರ ಅರ್ಹತಾ ಪರೀಕ್ಷೆಯನ್ನು ಡಿಸೆಂಬರ್ 7 ರಂದು ನಡೆಸಲಾಗುವುದು. ಬೆಳಿಗ್ಗೆ ಪತ್ರಿಕೆ-1 ಪರೀಕ್ಷೆ 9:30 ರಿಂದ 12:00 ರವರೆಗೆ, ಮಧ್ಯಾಹ್ನ ಪತ್ರಿಕೆ-2 ಪರೀಕ್ಷೆ 2:00 ರಿಂದ 4:30 ರವರೆಗೆ ನಡೆಯಲಿದೆ. ಒಟ್ಟು 26 ಪರೀಕ್ಷಾ ಕೇಂದ್ರಗಳಲ್ಲಿ 10805 ಅಭ್ಯರ್ಥಿಗಳು ಪರೀಕ್ಷೆ ಬರೆಯಲಿದ್ದಾರೆ. ಪತ್ರಿಕೆ-1ಕ್ಕೆ 3681 ಅಭ್ಯರ್ಥಿಗಳು 11 ಕೇಂದ್ರಗಳಲ್ಲಿ, ಪತ್ರಿಕೆ-2ಕ್ಕೆ 7550 ಅಭ್ಯರ್ಥಿಗಳು 25 ಕೇಂದ್ರಗಳಲ್ಲಿ ಹಾಜರಾಗಲಿದ್ದಾರೆ. ಅಭ್ಯರ್ಥಿಗಳು ಪ್ರವೇಶ ಪತ್ರದೊಂದಿಗೆ ಒಂದು ಗಂಟೆ ಮೊದಲು ಕೇಂದ್ರಕ್ಕೆ ಆಗಮಿಸಬೇಕು ಎಂದು ತಿಳಿಸಲಾಗಿದೆ. 2025 ರ ಕರ್ನಾಟಕ ಶಿಕ್ಷಕರ ಅರ್ಹತಾ ಪರೀಕ್ಷೆಯನ್ನು ಡಿಸೆಂಬರ್ 7 ರಂದು ನಡೆಸಲಾಗುವುದು. ಬೆಳಿಗ್ಗೆ ಪತ್ರಿಕೆ-1 ಪರೀಕ್ಷೆ 9:30 ರಿಂದ 12:00 ರವರೆಗೆ, ಮಧ್ಯಾಹ್ನ ಪತ್ರಿಕೆ-2 ಪರೀಕ್ಷೆ 2:00 ರಿಂದ 4:30 ರವರೆಗೆ ನಡೆಯಲಿದೆ. ಒಟ್ಟು 26 ಪರೀಕ್ಷಾ ಕೇಂದ್ರಗಳಲ್ಲಿ 10805 ಅಭ್ಯರ್ಥಿಗಳು ಪರೀಕ್ಷೆ ಬರೆಯಲಿದ್ದಾರೆ. ಪತ್ರಿಕೆ-1ಕ್ಕೆ 3681 ಅಭ್ಯರ್ಥಿಗಳು 11 ಕೇಂದ್ರಗಳಲ್ಲಿ, ಪತ್ರಿಕೆ-2ಕ್ಕೆ 7550 ಅಭ್ಯರ್ಥಿಗಳು 25 ಕೇಂದ್ರಗಳಲ್ಲಿ ಹಾಜರಾಗಲಿದ್ದಾರೆ. ಅಭ್ಯರ್ಥಿಗಳು ಪ್ರವೇಶ ಪತ್ರದೊಂದಿಗೆ ಒಂದು ಗಂಟೆ ಮೊದಲು ಕೇಂದ್ರಕ್ಕೆ ಆಗಮಿಸಬೇಕು ಎಂದು ತಿಳಿಸಲಾಗಿದೆ.
ಬಸವರಾಜ ಗೋಡಿಹಾಳ
ಗೌರವ ಅಧ್ಯಕ್ಷ ವೆಂಕಯ್ಯ ಶ್ರೇಷ್ಠ, ತಾಲೂಕು ಅಧ್ಯಕ್ಷ ನಾಗರಾಜ, ತಾಲೂಕು ಕಾರ್ಯಾಧ್ಯಕ್ಷ ನಿರುಪಾದಿ ಅಟ್ಟಿ, ವಿದ್ಯಾರ್ಥಿ ಘಟಕದ ವೀರೇಶ ದಿವ್ವಿಗಿ, ಬಸವರಾಜ ಮತ್ತಿತರರು ಇದ್ದರು.
ತ್ರೈವಾನ್ ಅಲಿಜನ್ಸ್ ಗ್ರೂಪ್‌ನಿಂದ
1 ಸಾವಿರ ಕೋಟಿ ರೂ.ಹೂಡಿಕೆ
ಬೆಳಗಾವಿ: ರಾಜ್ಯದಲ್ಲಿ ಹೂಡಿಕೆಗೆ ತ್ರೈವಾನ್‌ನ ಅಲಿಜನ್ಸ್ ಗ್ರೂಪ್ ಮುಂದಾಗಿದ್ದು, 1 ಸಾವಿರ ಕೋಟಿ ರೂ. ಹೂಡಿಕೆ ಮಾಡಲಿದೆ. ಎಲೆಕ್ಟ್ರಾನಿಕ್ಸ್ ಮತ್ತು ಸೆಮಿಕಂಡಕ್ಟರ್ ವಲಯದ ಈ ಹೂಡಿಕೆಯಿಂದ ಸಾವಿರಾರು ಉದ್ಯೋಗ ಸೃಷ್ಟಿಯಾಗಲಿವೆ. ಕರ್ನಾಟಕ ಭಾರತದ ತಂತ್ರಜ್ಞಾನ ಕಣಜವಾಗಿದ್ದು, ಜಾಗತಿಕ ಹೂಡಿಕೆದಾರರಿಗೆ ಪೂರಕ ವಾತಾವರಣವಿದೆ ಎಂದು ಸಚಿವರು ತಿಳಿಸಿದರು. ಬೆಳಗಾವಿ: ರಾಜ್ಯದಲ್ಲಿ ಹೂಡಿಕೆಗೆ ತ್ರೈವಾನ್‌ನ ಅಲಿಜನ್ಸ್ ಗ್ರೂಪ್ ಮುಂದಾಗಿದ್ದು, 1 ಸಾವಿರ ಕೋಟಿ ರೂ. ಹೂಡಿಕೆ ಮಾಡಲಿದೆ. ಎಲೆಕ್ಟ್ರಾನಿಕ್ಸ್ ಮತ್ತು ಸೆಮಿಕಂಡಕ್ಟರ್ ವಲಯದ ಈ ಹೂಡಿಕೆಯಿಂದ ಸಾವಿರಾರು ಉದ್ಯೋಗ ಸೃಷ್ಟಿಯಾಗಲಿವೆ. ಕರ್ನಾಟಕ ಭಾರತದ ತಂತ್ರಜ್ಞಾನ ಕಣಜವಾಗಿದ್ದು, ಜಾಗತಿಕ ಹೂಡಿಕೆದಾರರಿಗೆ ಪೂರಕ ವಾತಾವರಣವಿದೆ ಎಂದು ಸಚಿವರು ತಿಳಿಸಿದರು. ಬೆಳಗಾವಿ: ರಾಜ್ಯದಲ್ಲಿ ಹೂಡಿಕೆಗೆ ತ್ರೈವಾನ್‌ನ ಅಲಿಜನ್ಸ್ ಗ್ರೂಪ್ ಮುಂದಾಗಿದ್ದು, 1 ಸಾವಿರ ಕೋಟಿ ರೂ. ಹೂಡಿಕೆ ಮಾಡಲಿದೆ. ಎಲೆಕ್ಟ್ರಾನಿಕ್ಸ್ ಮತ್ತು ಸೆಮಿಕಂಡಕ್ಟರ್ ವಲಯದ ಈ ಹೂಡಿಕೆಯಿಂದ ಸಾವಿರಾರು ಉದ್ಯೋಗ ಸೃಷ್ಟಿಯಾಗಲಿವೆ. ಕರ್ನಾಟಕ ಭಾರತದ ತಂತ್ರಜ್ಞಾನ ಕಣಜವಾಗಿದ್ದು, ಜಾಗತಿಕ ಹೂಡಿಕೆದಾರರಿಗೆ ಪೂರಕ ವಾತಾವರಣವಿದೆ ಎಂದು ಸಚಿವರು ತಿಳಿಸಿದರು. ಬೆಳಗಾವಿ: ರಾಜ್ಯದಲ್ಲಿ ಹೂಡಿಕೆಗೆ ತ್ರೈವಾನ್‌ನ ಅಲಿಜನ್ಸ್ ಗ್ರೂಪ್ ಮುಂದಾಗಿದ್ದು, 1 ಸಾವಿರ ಕೋಟಿ ರೂ. ಹೂಡಿಕೆ ಮಾಡಲಿದೆ. ಎಲೆಕ್ಟ್ರಾನಿಕ್ಸ್ ಮತ್ತು ಸೆಮಿಕಂಡಕ್ಟರ್ ವಲಯದ ಈ ಹೂಡಿಕೆಯಿಂದ ಸಾವಿರಾರು ಉದ್ಯೋಗ ಸೃಷ್ಟಿಯಾಗಲಿವೆ. ಕರ್ನಾಟಕ ಭಾರತದ ತಂತ್ರಜ್ಞಾನ ಕಣಜವಾಗಿದ್ದು, ಜಾಗತಿಕ ಹೂಡಿಕೆದಾರರಿಗೆ ಪೂರಕ ವಾತಾವರಣವಿದೆ ಎಂದು ಸಚಿವರು ತಿಳಿಸಿದರು. ಬೆಳಗಾವಿ: ರಾಜ್ಯದಲ್ಲಿ ಹೂಡಿಕೆಗೆ ತ್ರೈವಾನ್‌ನ ಅಲಿಜನ್ಸ್ ಗ್ರೂಪ್ ಮುಂದಾಗಿದ್ದು, 1 ಸಾವಿರ ಕೋಟಿ ರೂ. ಹೂಡಿಕೆ ಮಾಡಲಿದೆ. ಎಲೆಕ್ಟ್ರಾನಿಕ್ಸ್ ಮತ್ತು ಸೆಮಿಕಂಡಕ್ಟರ್ ವಲಯದ ಈ ಹೂಡಿಕೆಯಿಂದ ಸಾವಿರಾರು ಉದ್ಯೋಗ ಸೃಷ್ಟಿಯಾಗಲಿವೆ. ಕರ್ನಾಟಕ ಭಾರತದ ತಂತ್ರಜ್ಞಾನ ಕಣಜವಾಗಿದ್ದು, ಜಾಗತಿಕ ಹೂಡಿಕೆದಾರರಿಗೆ ಪೂರಕ ವಾತಾವರಣವಿದೆ ಎಂದು ಸಚಿವರು ತಿಳಿಸಿದರು. ಬೆಳಗಾವಿ: ರಾಜ್ಯದಲ್ಲಿ ಹೂಡಿಕೆಗೆ ತ್ರೈವಾನ್‌ನ ಅಲಿಜನ್ಸ್ ಗ್ರೂಪ್ ಮುಂದಾಗಿದ್ದು, 1 ಸಾವಿರ ಕೋಟಿ ರೂ. ಹೂಡಿಕೆ ಮಾಡಲಿದೆ. ಎಲೆಕ್ಟ್ರಾನಿಕ್ಸ್ ಮತ್ತು ಸೆಮಿಕಂಡಕ್ಟರ್ ವಲಯದ ಈ ಹೂಡಿಕೆಯಿಂದ ಸಾವಿರಾರು ಉದ್ಯೋಗ ಸೃಷ್ಟಿಯಾಗಲಿವೆ. ಕರ್ನಾಟಕ ಭಾರತದ ತಂತ್ರಜ್ಞಾನ ಕಣಜವಾಗಿದ್ದು, ಜಾಗತಿಕ ಹೂಡಿಕೆದಾರರಿಗೆ ಪೂರಕ ವಾತಾವರಣವಿದೆ ಎಂದು ಸಚಿವರು ತಿಳಿಸಿದರು.
